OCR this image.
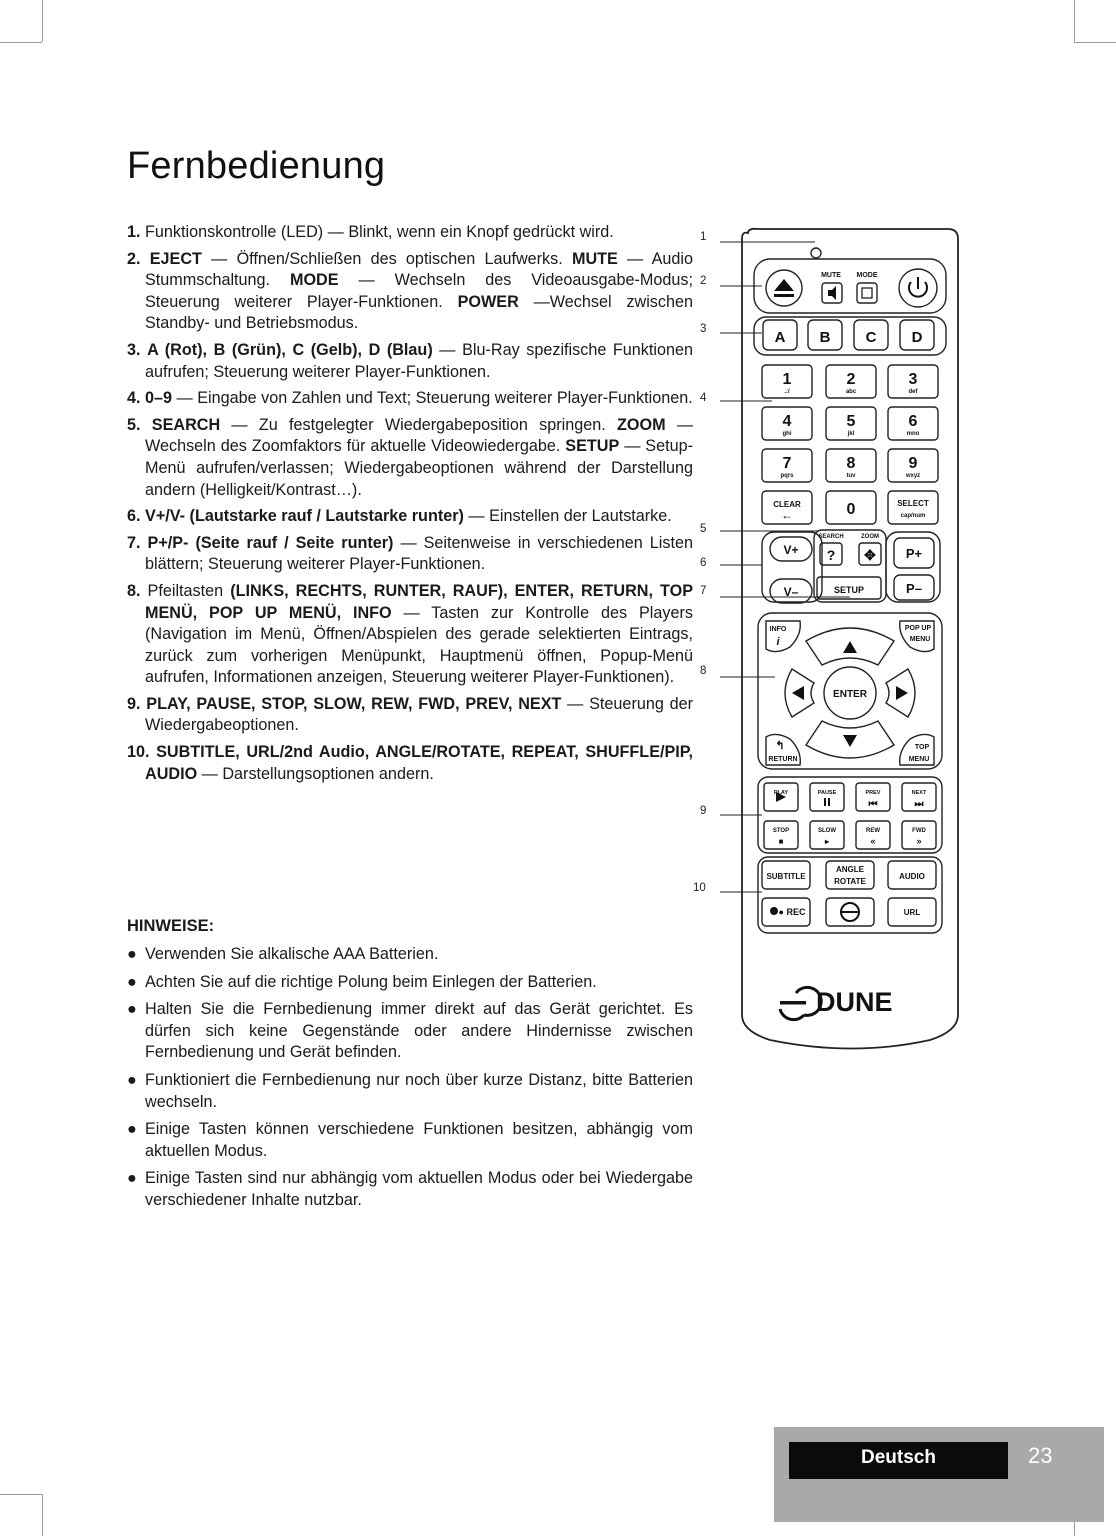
Fernbedienung
1. Funktionskontrolle (LED) — Blinkt, wenn ein Knopf gedrückt wird.
2. EJECT — Öffnen/Schließen des optischen Laufwerks. MUTE — Audio Stummschaltung. MODE — Wechseln des Videoausgabe-Modus; Steuerung weiterer Player-Funktionen. POWER —Wechsel zwischen Standby- und Betriebsmodus.
3. A (Rot), B (Grün), C (Gelb), D (Blau) — Blu-Ray spezifische Funktionen aufrufen; Steuerung weiterer Player-Funktionen.
4. 0–9 — Eingabe von Zahlen und Text; Steuerung weiterer Player-Funktionen.
5. SEARCH — Zu festgelegter Wiedergabeposition springen. ZOOM — Wechseln des Zoomfaktors für aktuelle Videowiedergabe. SETUP — Setup-Menü aufrufen/verlassen; Wiedergabeoptionen während der Darstellung andern (Helligkeit/Kontrast…).
6. V+/V- (Lautstarke rauf / Lautstarke runter) — Einstellen der Lautstarke.
7. P+/P- (Seite rauf / Seite runter) — Seitenweise in verschiedenen Listen blättern; Steuerung weiterer Player-Funktionen.
8. Pfeiltasten (LINKS, RECHTS, RUNTER, RAUF), ENTER, RETURN, TOP MENÜ, POP UP MENÜ, INFO — Tasten zur Kontrolle des Players (Navigation im Menü, Öffnen/Abspielen des gerade selektierten Eintrags, zurück zum vorherigen Menüpunkt, Hauptmenü öffnen, Popup-Menü aufrufen, Informationen anzeigen, Steuerung weiterer Player-Funktionen).
9. PLAY, PAUSE, STOP, SLOW, REW, FWD, PREV, NEXT — Steuerung der Wiedergabeoptionen.
10. SUBTITLE, URL/2nd Audio, ANGLE/ROTATE, REPEAT, SHUFFLE/PIP, AUDIO — Darstellungsoptionen andern.
HINWEISE:
● Verwenden Sie alkalische AAA Batterien.
● Achten Sie auf die richtige Polung beim Einlegen der Batterien.
● Halten Sie die Fernbedienung immer direkt auf das Gerät gerichtet. Es dürfen sich keine Gegenstände oder andere Hindernisse zwischen Fernbedienung und Gerät befinden.
● Funktioniert die Fernbedienung nur noch über kurze Distanz, bitte Batterien wechseln.
● Einige Tasten können verschiedene Funktionen besitzen, abhängig vom aktuellen Modus.
● Einige Tasten sind nur abhängig vom aktuellen Modus oder bei Wiedergabe verschiedener Inhalte nutzbar.
1
2
3
4
5
6
7
8
9
10
MUTE MODE
A B C D
1
.:/
2
abc
3
def
4
ghi
5
jkl
6
mno
7
pqrs
8
tuv
9
wxyz
CLEAR
←	0	SELECT
cap/num
SEARCH	ZOOM
? ✥
SETUP
V+
V–
P+
P–
INFO
i
POP UP
MENU
ENTER
↰
RETURN
TOP
MENU
PLAY	PAUSE	PREV	NEXT
⏮	⏭
STOP	SLOW	REW	FWD
■	▸	«	»
SUBTITLE
ANGLE
ROTATE
AUDIO
● REC	URL
DUNE
Deutsch	23
